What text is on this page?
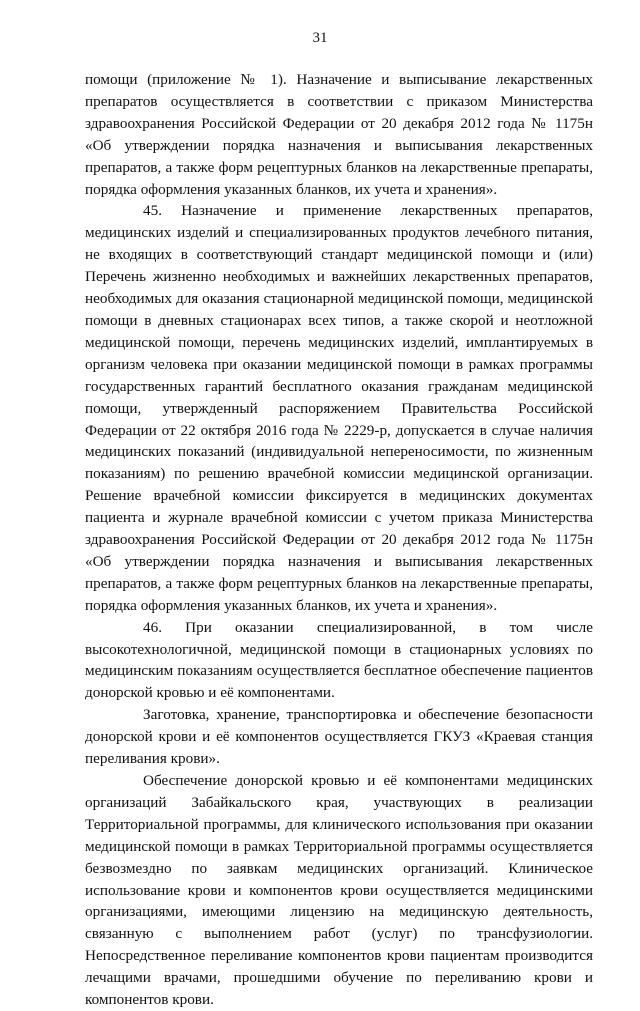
31

помощи (приложение № 1). Назначение и выписывание лекарственных препаратов осуществляется в соответствии с приказом Министерства здравоохранения Российской Федерации от 20 декабря 2012 года № 1175н «Об утверждении порядка назначения и выписывания лекарственных препаратов, а также форм рецептурных бланков на лекарственные препараты, порядка оформления указанных бланков, их учета и хранения».

45. Назначение и применение лекарственных препаратов, медицинских изделий и специализированных продуктов лечебного питания, не входящих в соответствующий стандарт медицинской помощи и (или) Перечень жизненно необходимых и важнейших лекарственных препаратов, необходимых для оказания стационарной медицинской помощи, медицинской помощи в дневных стационарах всех типов, а также скорой и неотложной медицинской помощи, перечень медицинских изделий, имплантируемых в организм человека при оказании медицинской помощи в рамках программы государственных гарантий бесплатного оказания гражданам медицинской помощи, утвержденный распоряжением Правительства Российской Федерации от 22 октября 2016 года № 2229-р, допускается в случае наличия медицинских показаний (индивидуальной непереносимости, по жизненным показаниям) по решению врачебной комиссии медицинской организации. Решение врачебной комиссии фиксируется в медицинских документах пациента и журнале врачебной комиссии с учетом приказа Министерства здравоохранения Российской Федерации от 20 декабря 2012 года № 1175н «Об утверждении порядка назначения и выписывания лекарственных препаратов, а также форм рецептурных бланков на лекарственные препараты, порядка оформления указанных бланков, их учета и хранения».

46. При оказании специализированной, в том числе высокотехнологичной, медицинской помощи в стационарных условиях по медицинским показаниям осуществляется бесплатное обеспечение пациентов донорской кровью и её компонентами.

Заготовка, хранение, транспортировка и обеспечение безопасности донорской крови и её компонентов осуществляется ГКУЗ «Краевая станция переливания крови».

Обеспечение донорской кровью и её компонентами медицинских организаций Забайкальского края, участвующих в реализации Территориальной программы, для клинического использования при оказании медицинской помощи в рамках Территориальной программы осуществляется безвозмездно по заявкам медицинских организаций. Клиническое использование крови и компонентов крови осуществляется медицинскими организациями, имеющими лицензию на медицинскую деятельность, связанную с выполнением работ (услуг) по трансфузиологии. Непосредственное переливание компонентов крови пациентам производится лечащими врачами, прошедшими обучение по переливанию крови и компонентов крови.
